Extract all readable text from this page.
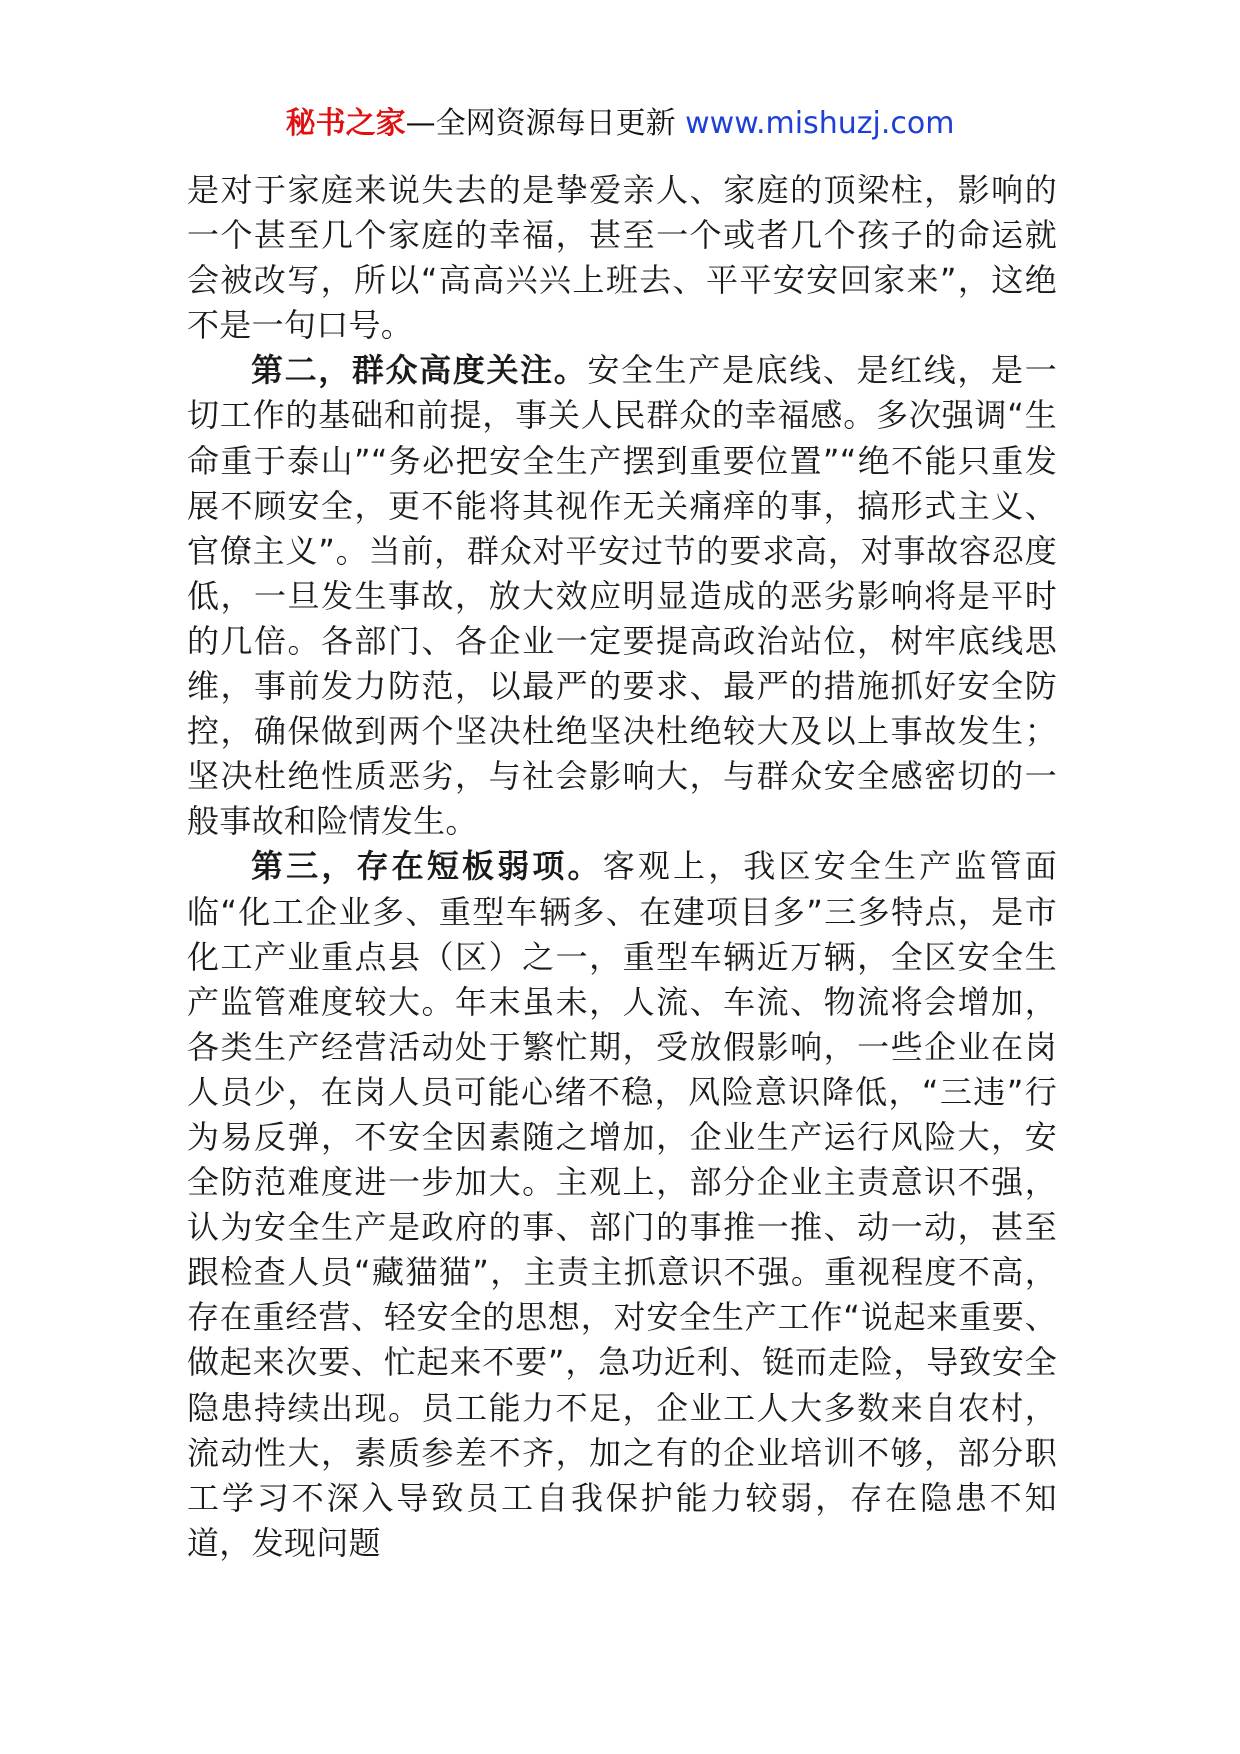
秘书之家—全网资源每日更新 www.mishuzj.com

是对于家庭来说失去的是挚爱亲人、家庭的顶梁柱，影响的一个甚至几个家庭的幸福，甚至一个或者几个孩子的命运就会被改写，所以“高高兴兴上班去、平平安安回家来”，这绝不是一句口号。

第二，群众高度关注。安全生产是底线、是红线，是一切工作的基础和前提，事关人民群众的幸福感。多次强调“生命重于泰山”“务必把安全生产摆到重要位置”“绝不能只重发展不顾安全，更不能将其视作无关痛痒的事，搞形式主义、官僚主义”。当前，群众对平安过节的要求高，对事故容忍度低，一旦发生事故，放大效应明显造成的恶劣影响将是平时的几倍。各部门、各企业一定要提高政治站位，树牢底线思维，事前发力防范，以最严的要求、最严的措施抓好安全防控，确保做到两个坚决杜绝坚决杜绝较大及以上事故发生；坚决杜绝性质恶劣，与社会影响大，与群众安全感密切的一般事故和险情发生。

第三，存在短板弱项。客观上，我区安全生产监管面临“化工企业多、重型车辆多、在建项目多”三多特点，是市化工产业重点县（区）之一，重型车辆近万辆，全区安全生产监管难度较大。年末虽未，人流、车流、物流将会增加，各类生产经营活动处于繁忙期，受放假影响，一些企业在岗人员少，在岗人员可能心绪不稳，风险意识降低，“三违”行为易反弹，不安全因素随之增加，企业生产运行风险大，安全防范难度进一步加大。主观上，部分企业主责意识不强，认为安全生产是政府的事、部门的事推一推、动一动，甚至跟检查人员“藏猫猫”，主责主抓意识不强。重视程度不高，存在重经营、轻安全的思想，对安全生产工作“说起来重要、做起来次要、忙起来不要”，急功近利、铤而走险，导致安全隐患持续出现。员工能力不足，企业工人大多数来自农村，流动性大，素质参差不齐，加之有的企业培训不够，部分职工学习不深入导致员工自我保护能力较弱，存在隐患不知道，发现问题
